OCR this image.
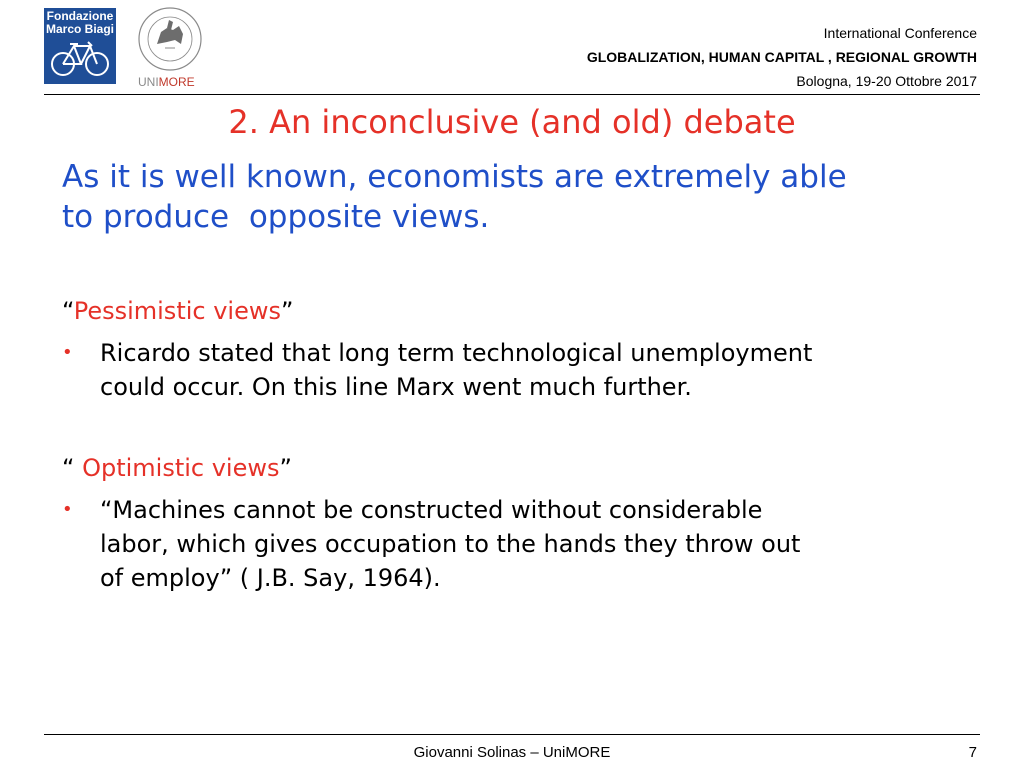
Fondazione
Marco Biagi
UNIMORE
International Conference
GLOBALIZATION, HUMAN CAPITAL , REGIONAL GROWTH
Bologna, 19-20 Ottobre 2017
2. An inconclusive (and old) debate
As it is well known, economists are extremely able
to produce  opposite views.
“Pessimistic views”
• Ricardo stated that long term technological unemployment
could occur. On this line Marx went much further.
“ Optimistic views”
• “Machines cannot be constructed without considerable
labor, which gives occupation to the hands they throw out
of employ” ( J.B. Say, 1964).
Giovanni Solinas – UniMORE	7
